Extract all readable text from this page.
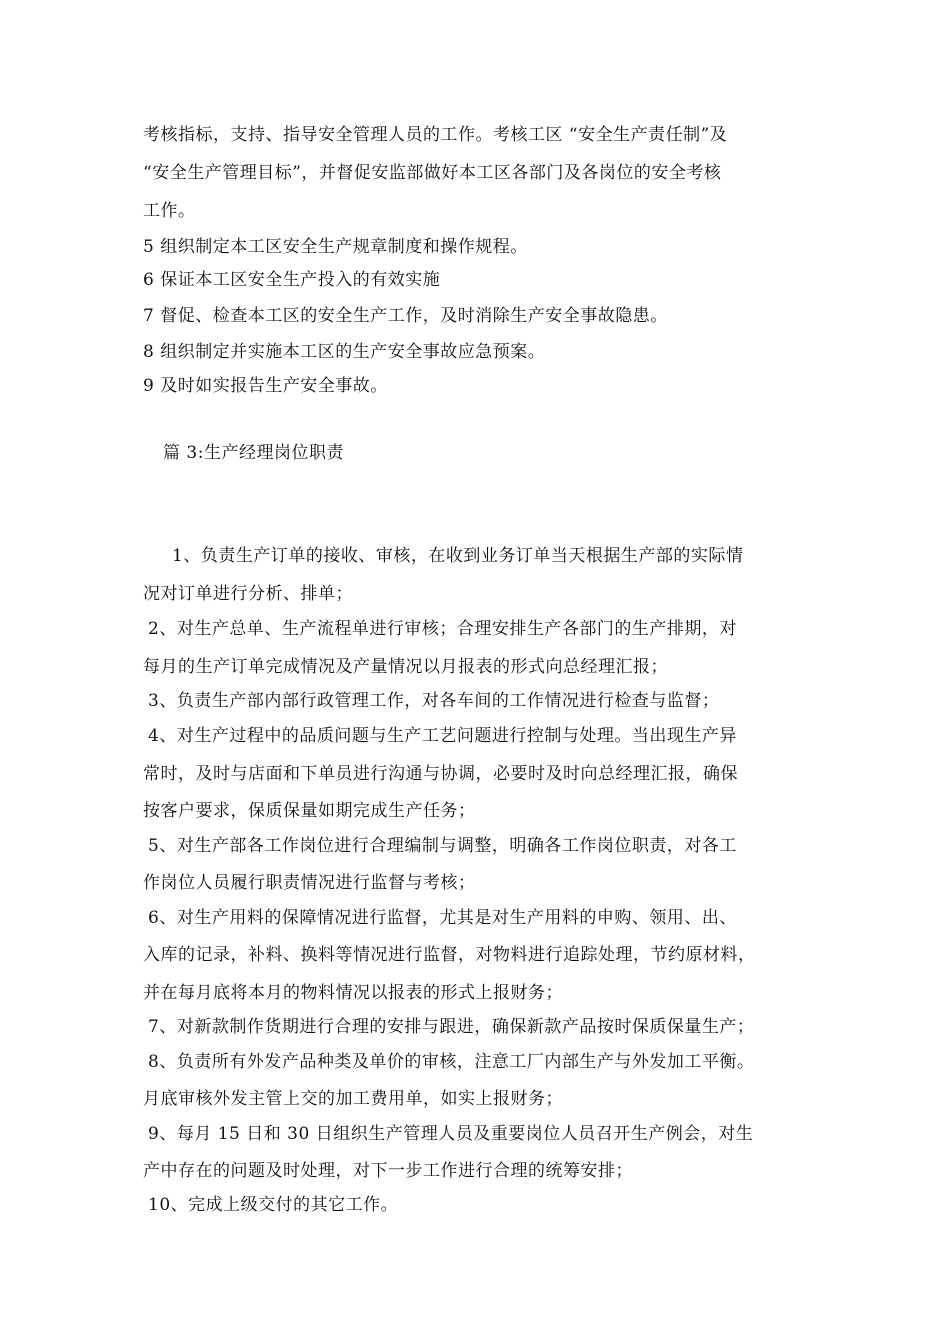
考核指标，支持、指导安全管理人员的工作。考核工区 “安全生产责任制”及
“安全生产管理目标”，并督促安监部做好本工区各部门及各岗位的安全考核
工作。
5 组织制定本工区安全生产规章制度和操作规程。
6 保证本工区安全生产投入的有效实施
7 督促、检查本工区的安全生产工作，及时消除生产安全事故隐患。
8 组织制定并实施本工区的生产安全事故应急预案。
9 及时如实报告生产安全事故。
篇 3:生产经理岗位职责
1、负责生产订单的接收、审核，在收到业务订单当天根据生产部的实际情
况对订单进行分析、排单；
2、对生产总单、生产流程单进行审核；合理安排生产各部门的生产排期，对
每月的生产订单完成情况及产量情况以月报表的形式向总经理汇报；
3、负责生产部内部行政管理工作，对各车间的工作情况进行检查与监督；
4、对生产过程中的品质问题与生产工艺问题进行控制与处理。当出现生产异
常时，及时与店面和下单员进行沟通与协调，必要时及时向总经理汇报，确保
按客户要求，保质保量如期完成生产任务；
5、对生产部各工作岗位进行合理编制与调整，明确各工作岗位职责，对各工
作岗位人员履行职责情况进行监督与考核；
6、对生产用料的保障情况进行监督，尤其是对生产用料的申购、领用、出、
入库的记录，补料、换料等情况进行监督，对物料进行追踪处理，节约原材料，
并在每月底将本月的物料情况以报表的形式上报财务；
7、对新款制作货期进行合理的安排与跟进，确保新款产品按时保质保量生产；
8、负责所有外发产品种类及单价的审核，注意工厂内部生产与外发加工平衡。
月底审核外发主管上交的加工费用单，如实上报财务；
9、每月 15 日和 30 日组织生产管理人员及重要岗位人员召开生产例会，对生
产中存在的问题及时处理，对下一步工作进行合理的统筹安排；
10、完成上级交付的其它工作。
